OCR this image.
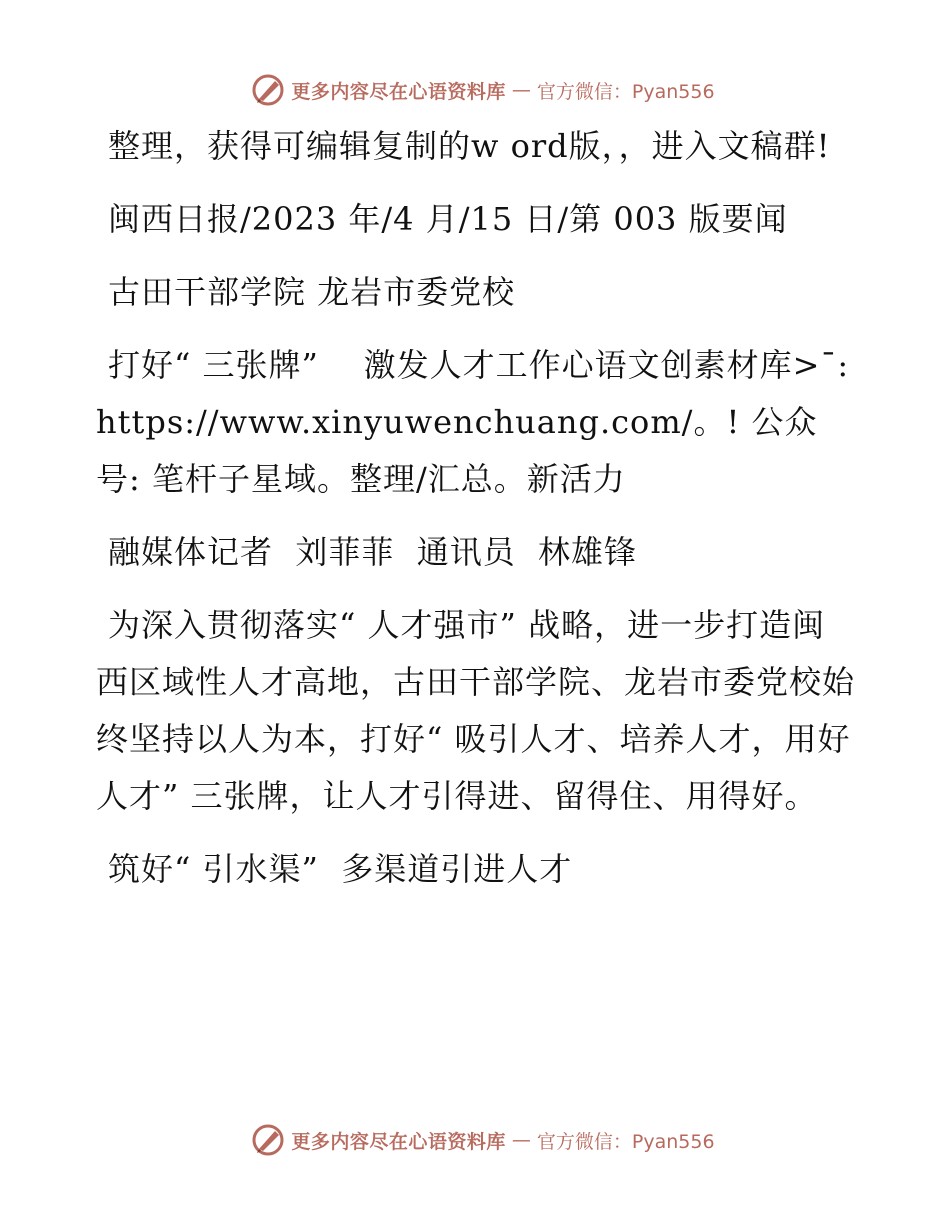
更多内容尽在心语资料库 — 官方微信：Pyan556

整理，获得可编辑复制的w ord版，，进入文稿群!

闽西日报/2023 年/4 月/15 日/第 003 版要闻

古田干部学院 龙岩市委党校

打好“ 三张牌”    激发人才工作心语文创素材库>¯: https://www.xinyuwenchuang.com/。! 公众号: 笔杆子星域。整理/汇总。新活力

融媒体记者  刘菲菲  通讯员  林雄锋

为深入贯彻落实“ 人才强市” 战略，进一步打造闽西区域性人才高地，古田干部学院、龙岩市委党校始终坚持以人为本，打好“ 吸引人才、培养人才，用好人才” 三张牌，让人才引得进、留得住、用得好。

筑好“ 引水渠”  多渠道引进人才

更多内容尽在心语资料库 — 官方微信：Pyan556
